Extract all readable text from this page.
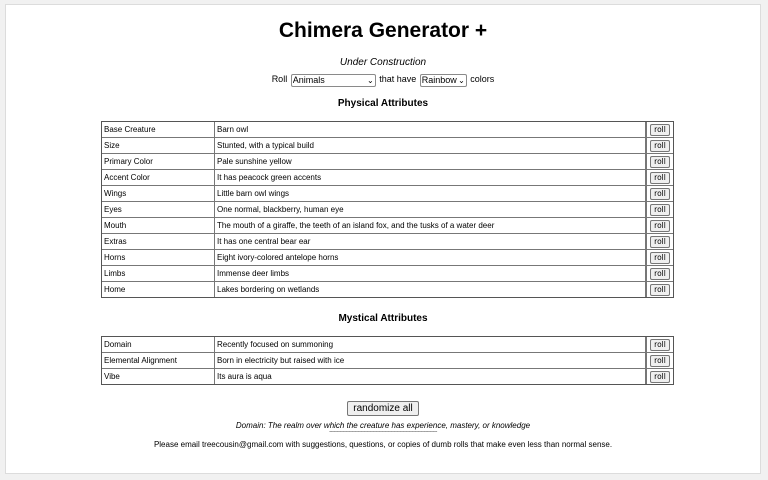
Chimera Generator +
Under Construction
Roll
Animals	⌄ that have
Rainbow	⌄ colors
Physical Attributes
Base Creature	Barn owl	roll
Size	Stunted, with a typical build	roll
Primary Color	Pale sunshine yellow	roll
Accent Color	It has peacock green accents	roll
Wings	Little barn owl wings	roll
Eyes	One normal, blackberry, human eye	roll
Mouth	The mouth of a giraffe, the teeth of an island fox, and the tusks of a water deer	roll
Extras	It has one central bear ear	roll
Horns	Eight ivory-colored antelope horns	roll
Limbs	Immense deer limbs	roll
Home	Lakes bordering on wetlands	roll
Mystical Attributes
Domain	Recently focused on summoning	roll
Elemental Alignment	Born in electricity but raised with ice	roll
Vibe	Its aura is aqua	roll
randomize all
Domain: The realm over which the creature has experience, mastery, or knowledge
------------------------------------------------------------------------
Please email treecousin@gmail.com with suggestions, questions, or copies of dumb rolls that make even less than normal sense.
